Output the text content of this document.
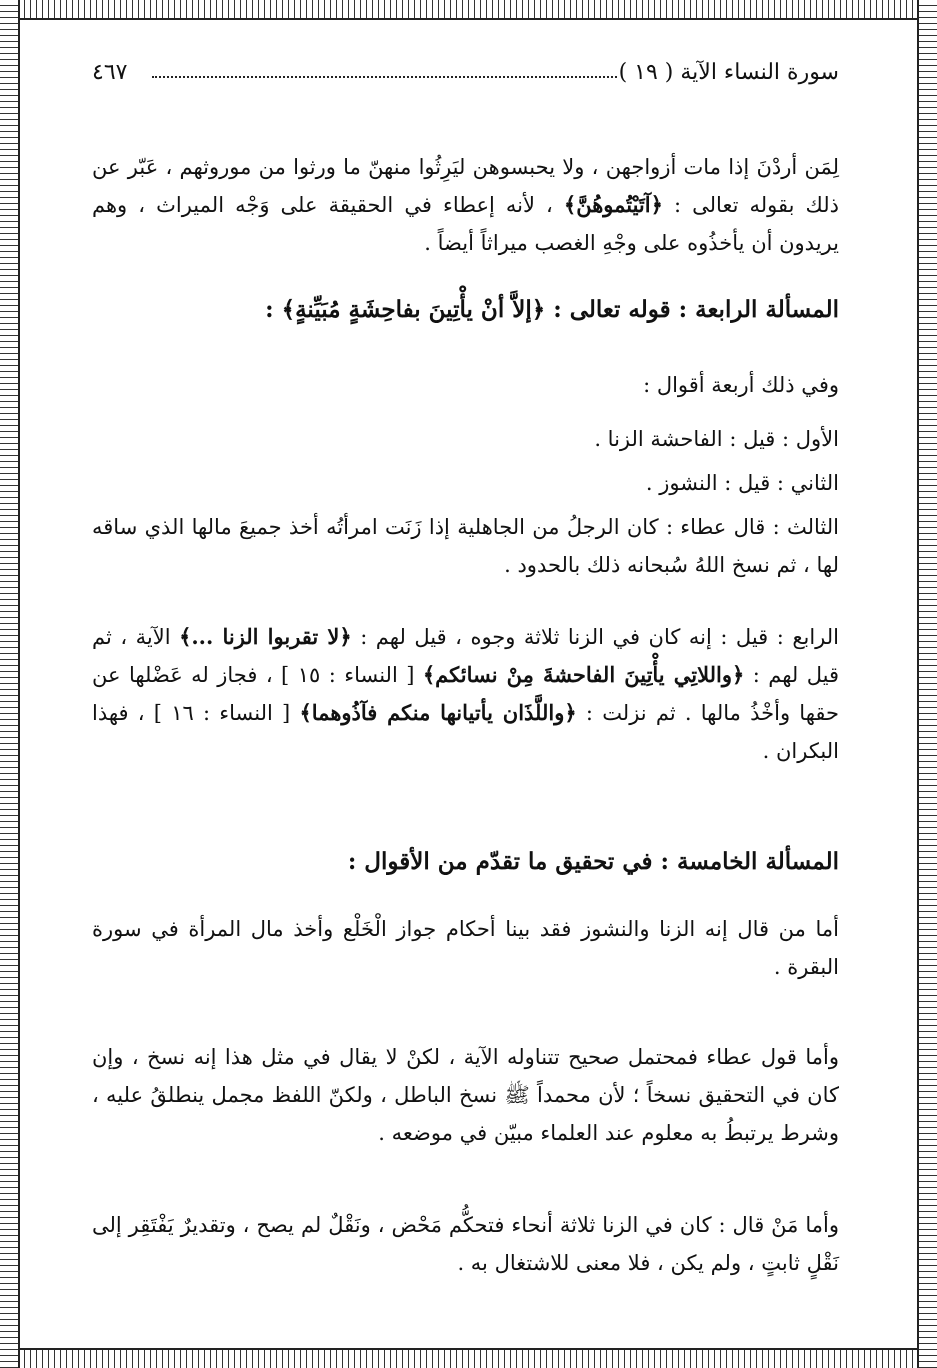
سورة النساء الآية ( ١٩ )
٤٦٧

لِمَن أردْنَ إذا مات أزواجهن ، ولا يحبسوهن ليَرِثُوا منهنّ ما ورثوا من موروثهم ، عَبّر عن ذلك بقوله تعالى : ﴿آتَيْتُموهُنَّ﴾ ، لأنه إعطاء في الحقيقة على وَجْه الميراث ، وهم يريدون أن يأخذُوه على وجْهِ الغصب ميراثاً أيضاً .

المسألة الرابعة : قوله تعالى : ﴿إلاَّ أنْ يأْتِينَ بفاحِشَةٍ مُبَيِّنةٍ﴾ :
وفي ذلك أربعة أقوال :
الأول : قيل : الفاحشة الزنا .
الثاني : قيل : النشوز .
الثالث : قال عطاء : كان الرجلُ من الجاهلية إذا زَنَت امرأتُه أخذ جميعَ مالها الذي ساقه لها ، ثم نسخ اللهُ سُبحانه ذلك بالحدود .

الرابع : قيل : إنه كان في الزنا ثلاثة وجوه ، قيل لهم : ﴿لا تقربوا الزنا ...﴾ الآية ، ثم قيل لهم : ﴿واللاتِي يأْتِينَ الفاحشةَ مِنْ نسائكم﴾ [ النساء : ١٥ ] ، فجاز له عَضْلها عن حقها وأخْذُ مالها . ثم نزلت : ﴿واللَّذَان يأتيانها منكم فآذُوهما﴾ [ النساء : ١٦ ] ، فهذا البكران .

المسألة الخامسة : في تحقيق ما تقدّم من الأقوال :
أما من قال إنه الزنا والنشوز فقد بينا أحكام جواز الْخَلْع وأخذ مال المرأة في سورة البقرة .
وأما قول عطاء فمحتمل صحيح تتناوله الآية ، لكنْ لا يقال في مثل هذا إنه نسخ ، وإن كان في التحقيق نسخاً ؛ لأن محمداً ﷺ نسخ الباطل ، ولكنّ اللفظ مجمل ينطلقُ عليه ، وشرط يرتبطُ به معلوم عند العلماء مبيّن في موضعه .
وأما مَنْ قال : كان في الزنا ثلاثة أنحاء فتحكُّم مَحْض ، ونَقْلٌ لم يصح ، وتقديرٌ يَفْتَقِر إلى نَقْلٍ ثابتٍ ، ولم يكن ، فلا معنى للاشتغال به .
